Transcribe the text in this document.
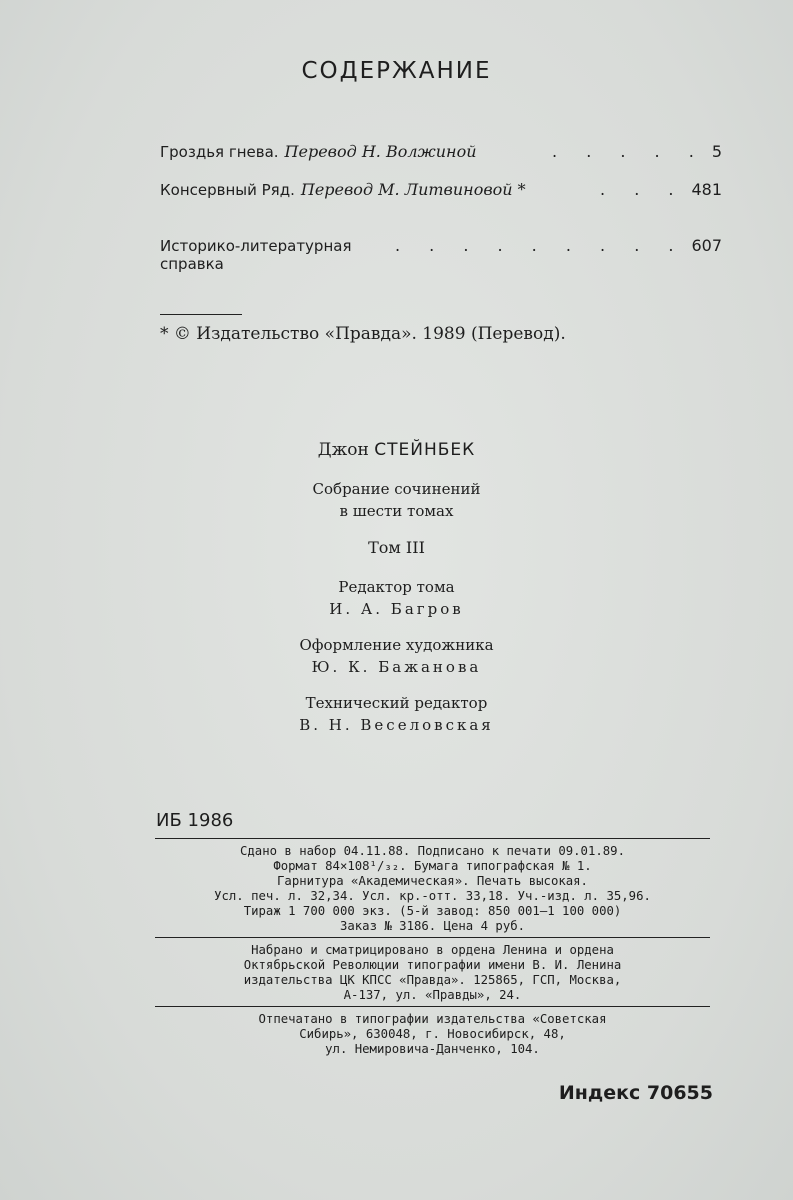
СОДЕРЖАНИЕ
Гроздья гнева. Перевод Н. Волжиной	. . . . . 5
Консервный Ряд. Перевод М. Литвиновой *	. . . 481
Историко-литературная справка
. . . . . . . . . 607
* © Издательство «Правда». 1989 (Перевод).
Джон СТЕЙНБЕК
Собрание сочинений
в шести томах
Том III
Редактор тома
И. А. Багров
Оформление художника
Ю. К. Бажанова
Технический редактор
В. Н. Веселовская
ИБ 1986
Сдано в набор 04.11.88. Подписано к печати 09.01.89.
Формат 84×108¹/₃₂. Бумага типографская № 1.
Гарнитура «Академическая». Печать высокая.
Усл. печ. л. 32,34. Усл. кр.-отт. 33,18. Уч.-изд. л. 35,96.
Тираж 1 700 000 экз. (5-й завод: 850 001—1 100 000)
Заказ № 3186. Цена 4 руб.
Набрано и сматрицировано в ордена Ленина и ордена
Октябрьской Революции типографии имени В. И. Ленина
издательства ЦК КПСС «Правда». 125865, ГСП, Москва,
А-137, ул. «Правды», 24.
Отпечатано в типографии издательства «Советская
Сибирь», 630048, г. Новосибирск, 48,
ул. Немировича-Данченко, 104.
Индекс 70655
